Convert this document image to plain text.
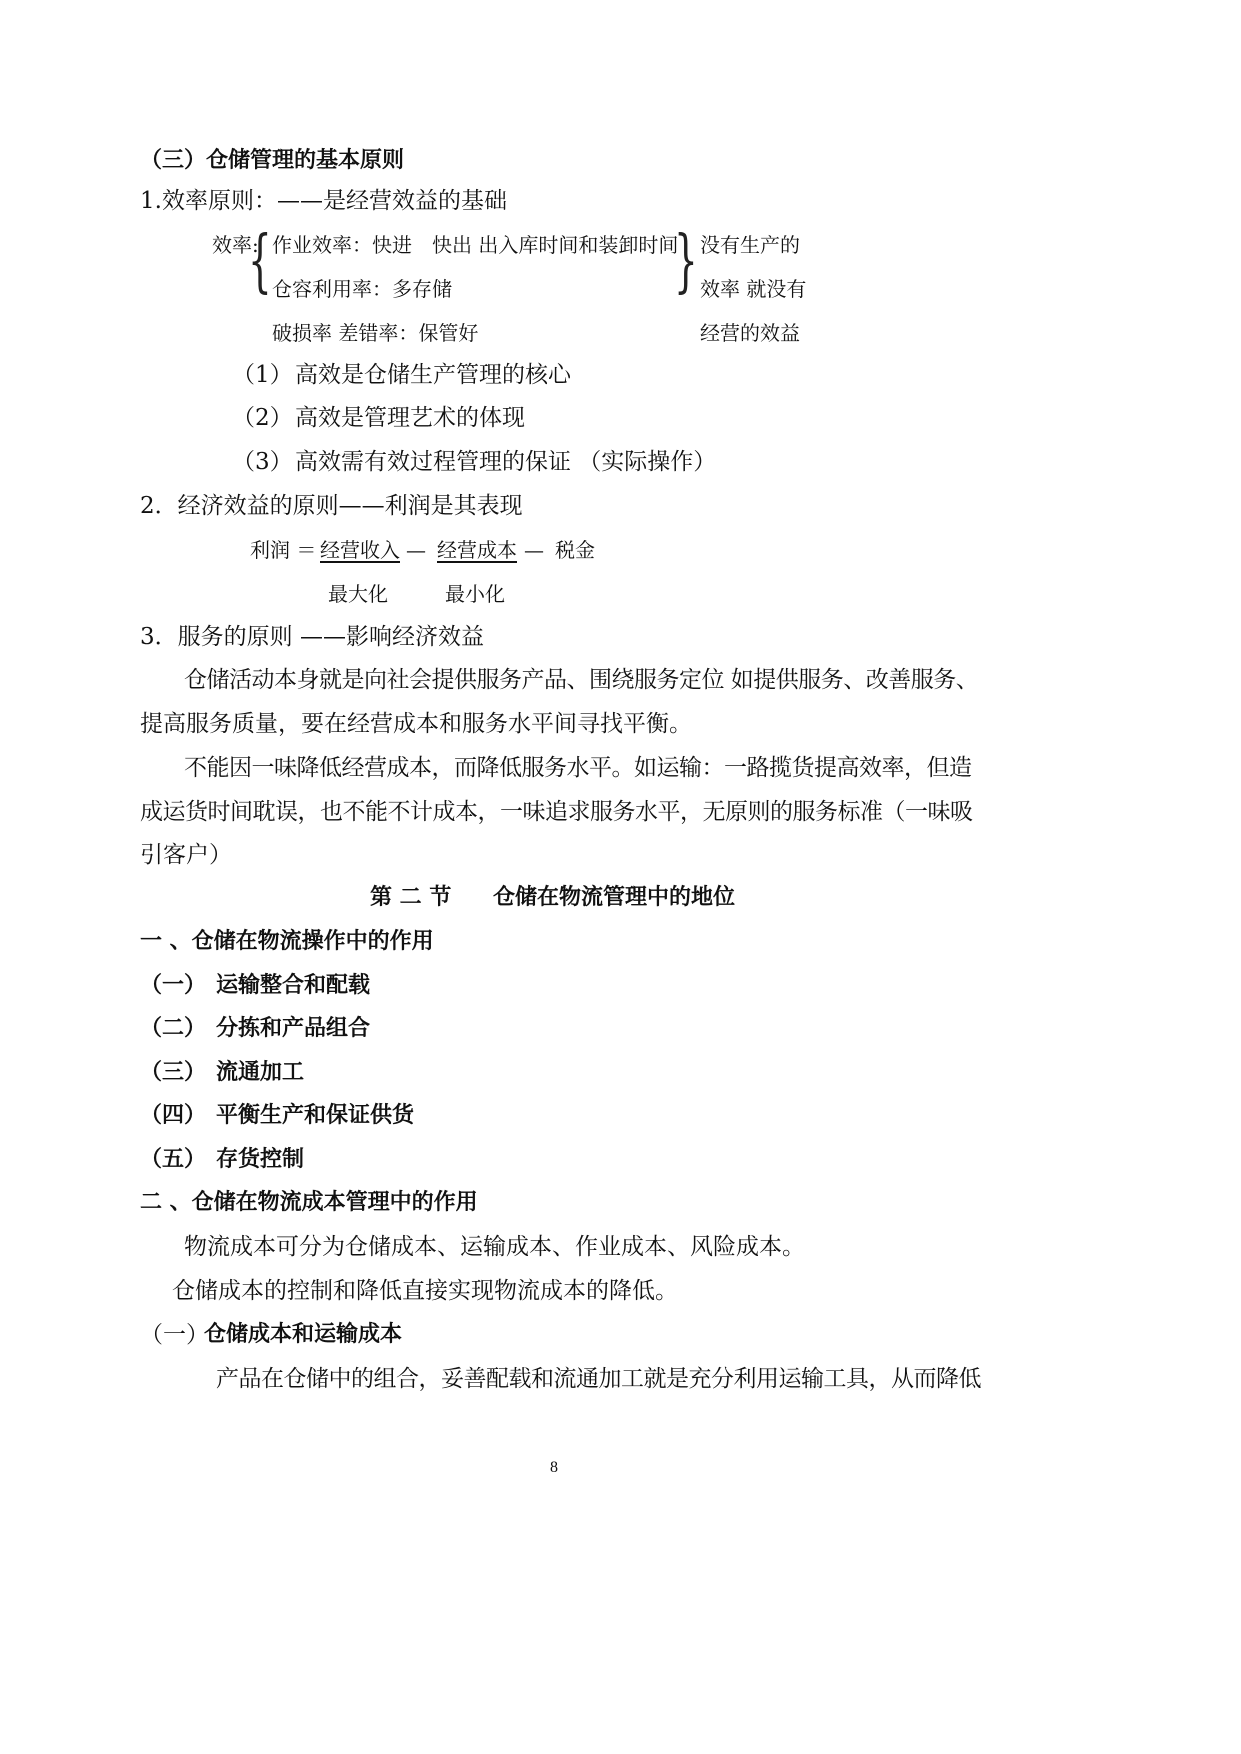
（三）仓储管理的基本原则
1.效率原则：——是经营效益的基础
效率:
{ 作业效率：快进　快出 出入库时间和装卸时间
仓容利用率：多存储	}
破损率 差错率：保管好
没有生产的
效率 就没有
经营的效益
（1） 高效是仓储生产管理的核心
（2） 高效是管理艺术的体现
（3） 高效需有效过程管理的保证 （实际操作）
2．经济效益的原则——利润是其表现
利润 ＝ 经营收入 — 经营成本 — 税金
最大化	最小化
3．服务的原则 ——影响经济效益
仓储活动本身就是向社会提供服务产品、围绕服务定位 如提供服务、改善服务、
提高服务质量，要在经营成本和服务水平间寻找平衡。
不能因一味降低经营成本，而降低服务水平。如运输：一路揽货提高效率，但造
成运货时间耽误，也不能不计成本，一味追求服务水平，无原则的服务标准（一味吸
引客户）
第 二 节 仓储在物流管理中的地位
一 、仓储在物流操作中的作用
（一） 运输整合和配载
（二） 分拣和产品组合
（三） 流通加工
（四） 平衡生产和保证供货
（五） 存货控制
二 、仓储在物流成本管理中的作用
物流成本可分为仓储成本、运输成本、作业成本、风险成本。
仓储成本的控制和降低直接实现物流成本的降低。
（一）
仓储成本和运输成本
产品在仓储中的组合，妥善配载和流通加工就是充分利用运输工具，从而降低
8
